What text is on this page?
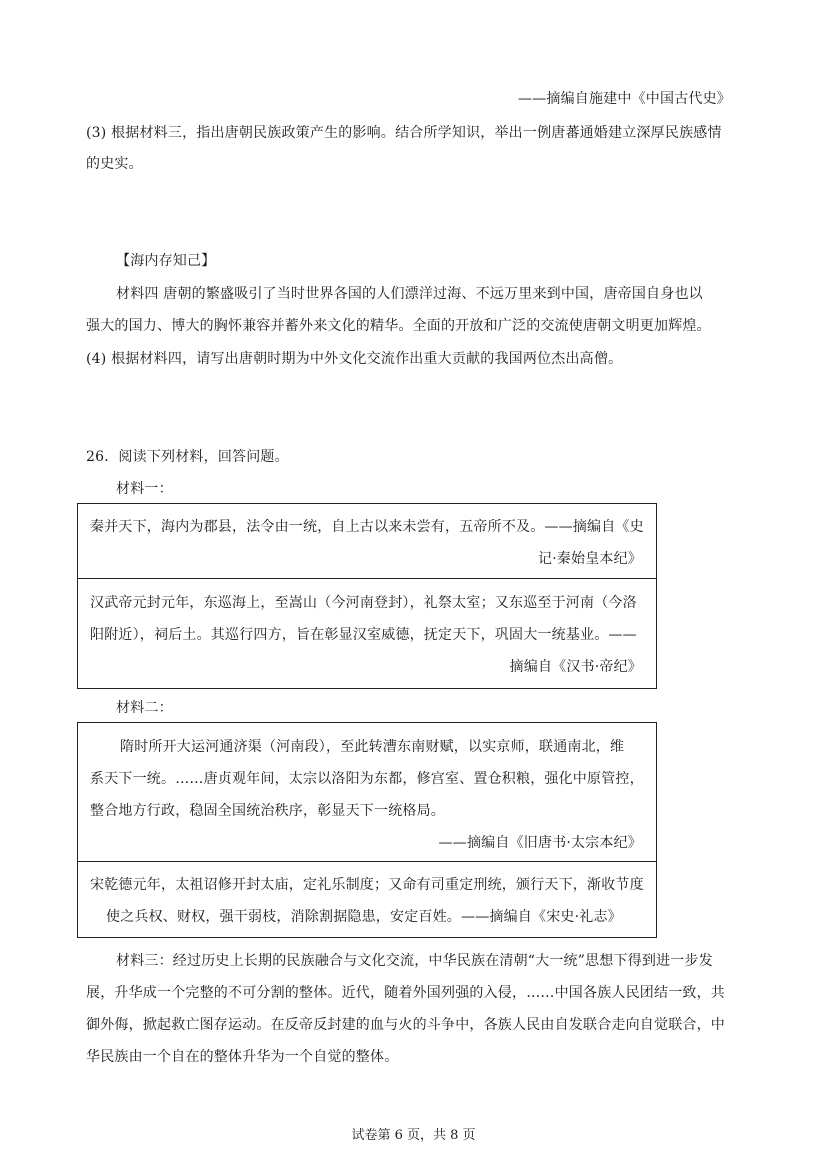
——摘编自施建中《中国古代史》
(3) 根据材料三，指出唐朝民族政策产生的影响。结合所学知识，举出一例唐蕃通婚建立深厚民族感情
的史实。
【海内存知己】
材料四 唐朝的繁盛吸引了当时世界各国的人们漂洋过海、不远万里来到中国，唐帝国自身也以
强大的国力、博大的胸怀兼容并蓄外来文化的精华。全面的开放和广泛的交流使唐朝文明更加辉煌。
(4) 根据材料四，请写出唐朝时期为中外文化交流作出重大贡献的我国两位杰出高僧。
26．阅读下列材料，回答问题。
材料一：
秦并天下，海内为郡县，法令由一统，自上古以来未尝有，五帝所不及。——摘编自《史
记·秦始皇本纪》
汉武帝元封元年，东巡海上，至嵩山（今河南登封），礼祭太室；又东巡至于河南（今洛
阳附近），祠后土。其巡行四方，旨在彰显汉室威德，抚定天下，巩固大一统基业。——
摘编自《汉书·帝纪》
材料二：
隋时所开大运河通济渠（河南段），至此转漕东南财赋，以实京师，联通南北，维
系天下一统。……唐贞观年间，太宗以洛阳为东都，修宫室、置仓积粮，强化中原管控，
整合地方行政，稳固全国统治秩序，彰显天下一统格局。
——摘编自《旧唐书·太宗本纪》
宋乾德元年，太祖诏修开封太庙，定礼乐制度；又命有司重定刑统，颁行天下，渐收节度
使之兵权、财权，强干弱枝，消除割据隐患，安定百姓。——摘编自《宋史·礼志》
材料三：经过历史上长期的民族融合与文化交流，中华民族在清朝“大一统”思想下得到进一步发
展，升华成一个完整的不可分割的整体。近代，随着外国列强的入侵，……中国各族人民团结一致，共
御外侮，掀起救亡图存运动。在反帝反封建的血与火的斗争中，各族人民由自发联合走向自觉联合，中
华民族由一个自在的整体升华为一个自觉的整体。
试卷第 6 页，共 8 页
